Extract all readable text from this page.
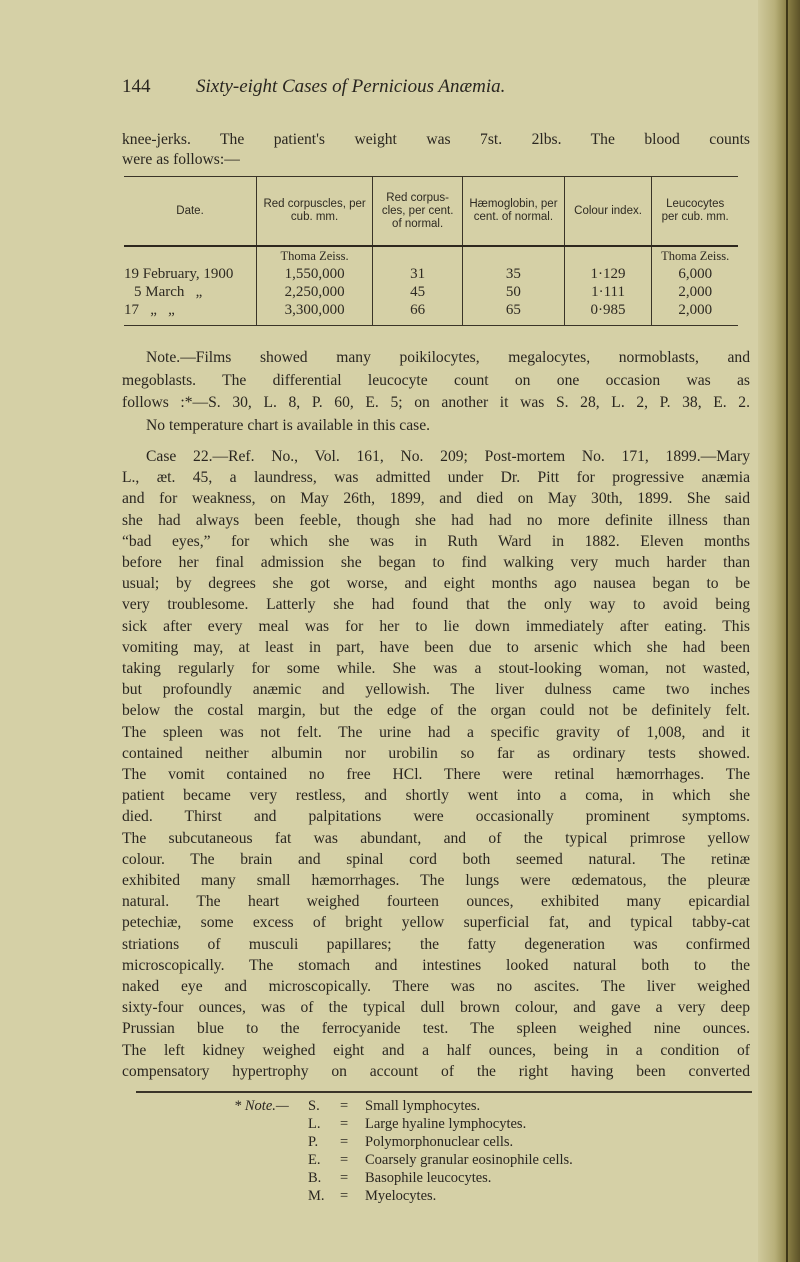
144 Sixty-eight Cases of Pernicious Anæmia.
knee-jerks. The patient's weight was 7st. 2lbs. The blood counts
were as follows:—
Date.	Red corpuscles, per cub. mm.	Red corpus-cles, per cent. of normal.	Hæmoglobin, per cent. of normal.	Colour index.	Leucocytes per cub. mm.
	Thoma Zeiss.				Thoma Zeiss.
19 February, 1900	1,550,000	31	35	1·129	6,000
5 March   „	2,250,000	45	50	1·111	2,000
17   „   „	3,300,000	66	65	0·985	2,000
Note.—Films showed many poikilocytes, megalocytes, normoblasts, and
megoblasts. The differential leucocyte count on one occasion was as
follows :*—S. 30, L. 8, P. 60, E. 5; on another it was S. 28, L. 2, P. 38, E. 2.
No temperature chart is available in this case.
Case 22.—Ref. No., Vol. 161, No. 209; Post-mortem No. 171, 1899.—Mary
L., æt. 45, a laundress, was admitted under Dr. Pitt for progressive anæmia
and for weakness, on May 26th, 1899, and died on May 30th, 1899. She said
she had always been feeble, though she had had no more definite illness than
“bad eyes,” for which she was in Ruth Ward in 1882. Eleven months
before her final admission she began to find walking very much harder than
usual; by degrees she got worse, and eight months ago nausea began to be
very troublesome. Latterly she had found that the only way to avoid being
sick after every meal was for her to lie down immediately after eating. This
vomiting may, at least in part, have been due to arsenic which she had been
taking regularly for some while. She was a stout-looking woman, not wasted,
but profoundly anæmic and yellowish. The liver dulness came two inches
below the costal margin, but the edge of the organ could not be definitely felt.
The spleen was not felt. The urine had a specific gravity of 1,008, and it
contained neither albumin nor urobilin so far as ordinary tests showed.
The vomit contained no free HCl. There were retinal hæmorrhages. The
patient became very restless, and shortly went into a coma, in which she
died. Thirst and palpitations were occasionally prominent symptoms.
The subcutaneous fat was abundant, and of the typical primrose yellow
colour. The brain and spinal cord both seemed natural. The retinæ
exhibited many small hæmorrhages. The lungs were œdematous, the pleuræ
natural. The heart weighed fourteen ounces, exhibited many epicardial
petechiæ, some excess of bright yellow superficial fat, and typical tabby-cat
striations of musculi papillares; the fatty degeneration was confirmed
microscopically. The stomach and intestines looked natural both to the
naked eye and microscopically. There was no ascites. The liver weighed
sixty-four ounces, was of the typical dull brown colour, and gave a very deep
Prussian blue to the ferrocyanide test. The spleen weighed nine ounces.
The left kidney weighed eight and a half ounces, being in a condition of
compensatory hypertrophy on account of the right having been converted
* Note.— S. = Small lymphocytes.
L. = Large hyaline lymphocytes.
P. = Polymorphonuclear cells.
E. = Coarsely granular eosinophile cells.
B. = Basophile leucocytes.
M. = Myelocytes.
